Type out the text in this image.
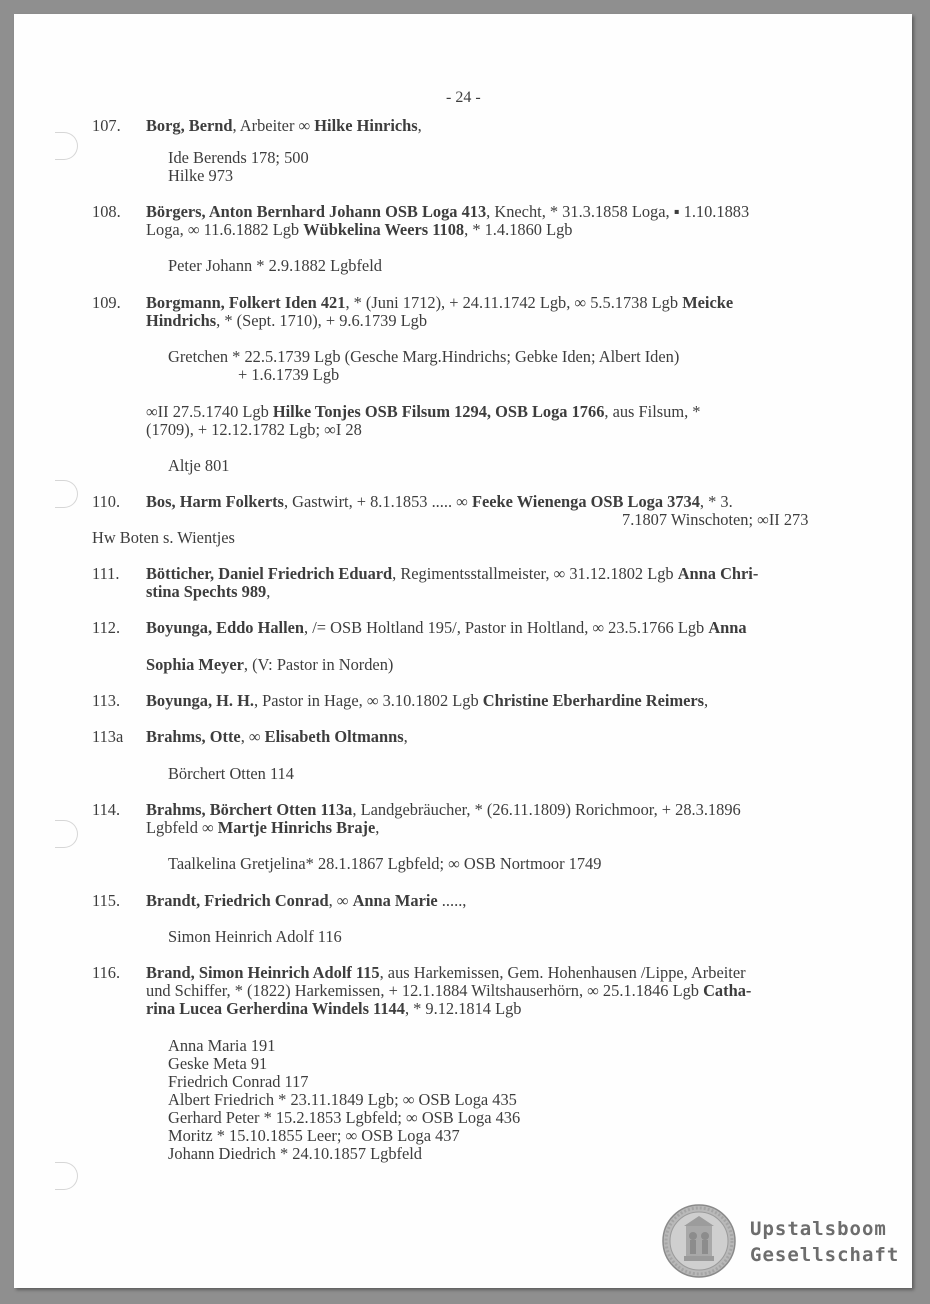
- 24 -
107. Borg, Bernd, Arbeiter ∞ Hilke Hinrichs,
Ide Berends 178; 500
Hilke 973
108. Börgers, Anton Bernhard Johann OSB Loga 413, Knecht, * 31.3.1858 Loga, ▪ 1.10.1883
Loga, ∞ 11.6.1882 Lgb Wübkelina Weers 1108, * 1.4.1860 Lgb
Peter Johann * 2.9.1882 Lgbfeld
109. Borgmann, Folkert Iden 421, * (Juni 1712), + 24.11.1742 Lgb, ∞ 5.5.1738 Lgb Meicke
Hindrichs, * (Sept. 1710), + 9.6.1739 Lgb
Gretchen * 22.5.1739 Lgb (Gesche Marg.Hindrichs; Gebke Iden; Albert Iden)
+ 1.6.1739 Lgb
∞II 27.5.1740 Lgb Hilke Tonjes OSB Filsum 1294, OSB Loga 1766, aus Filsum, *
(1709), + 12.12.1782 Lgb; ∞I 28
Altje 801
110. Bos, Harm Folkerts, Gastwirt, + 8.1.1853 ..... ∞ Feeke Wienenga OSB Loga 3734, * 3.
7.1807 Winschoten; ∞II 273
Hw Boten s. Wientjes
111. Bötticher, Daniel Friedrich Eduard, Regimentsstallmeister, ∞ 31.12.1802 Lgb Anna Chri-
stina Spechts 989,
112. Boyunga, Eddo Hallen, /= OSB Holtland 195/, Pastor in Holtland, ∞ 23.5.1766 Lgb Anna
Sophia Meyer, (V: Pastor in Norden)
113. Boyunga, H. H., Pastor in Hage, ∞ 3.10.1802 Lgb Christine Eberhardine Reimers,
113a Brahms, Otte, ∞ Elisabeth Oltmanns,
Börchert Otten 114
114. Brahms, Börchert Otten 113a, Landgebräucher, * (26.11.1809) Rorichmoor, + 28.3.1896
Lgbfeld ∞ Martje Hinrichs Braje,
Taalkelina Gretjelina* 28.1.1867 Lgbfeld; ∞ OSB Nortmoor 1749
115. Brandt, Friedrich Conrad, ∞ Anna Marie .....,
Simon Heinrich Adolf 116
116. Brand, Simon Heinrich Adolf 115, aus Harkemissen, Gem. Hohenhausen /Lippe, Arbeiter
und Schiffer, * (1822) Harkemissen, + 12.1.1884 Wiltshauserhörn, ∞ 25.1.1846 Lgb Catha-
rina Lucea Gerherdina Windels 1144, * 9.12.1814 Lgb
Anna Maria 191
Geske Meta 91
Friedrich Conrad 117
Albert Friedrich * 23.11.1849 Lgb; ∞ OSB Loga 435
Gerhard Peter * 15.2.1853 Lgbfeld; ∞ OSB Loga 436
Moritz * 15.10.1855 Leer; ∞ OSB Loga 437
Johann Diedrich * 24.10.1857 Lgbfeld
Upstalsboom
Gesellschaft
